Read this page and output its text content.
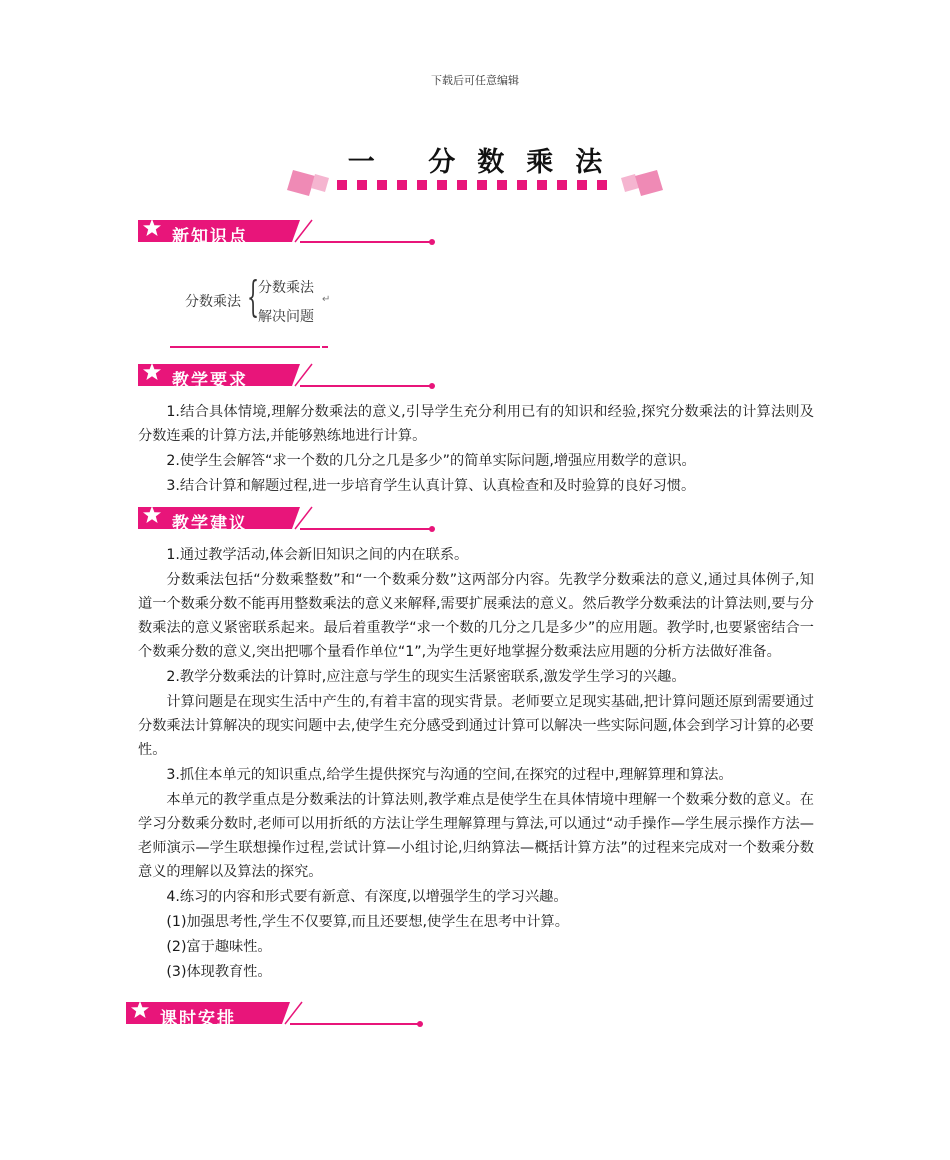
下载后可任意编辑
一 分数乘法
新知识点
分数乘法 {
分数乘法
解决问题
↵
教学要求

1.结合具体情境,理解分数乘法的意义,引导学生充分利用已有的知识和经验,探究分数乘法的计算法则及分数连乘的计算方法,并能够熟练地进行计算。

2.使学生会解答“求一个数的几分之几是多少”的简单实际问题,增强应用数学的意识。

3.结合计算和解题过程,进一步培育学生认真计算、认真检查和及时验算的良好习惯。

教学建议

1.通过教学活动,体会新旧知识之间的内在联系。

分数乘法包括“分数乘整数”和“一个数乘分数”这两部分内容。先教学分数乘法的意义,通过具体例子,知道一个数乘分数不能再用整数乘法的意义来解释,需要扩展乘法的意义。然后教学分数乘法的计算法则,要与分数乘法的意义紧密联系起来。最后着重教学“求一个数的几分之几是多少”的应用题。教学时,也要紧密结合一个数乘分数的意义,突出把哪个量看作单位“1”,为学生更好地掌握分数乘法应用题的分析方法做好准备。

2.教学分数乘法的计算时,应注意与学生的现实生活紧密联系,激发学生学习的兴趣。

计算问题是在现实生活中产生的,有着丰富的现实背景。老师要立足现实基础,把计算问题还原到需要通过分数乘法计算解决的现实问题中去,使学生充分感受到通过计算可以解决一些实际问题,体会到学习计算的必要性。

3.抓住本单元的知识重点,给学生提供探究与沟通的空间,在探究的过程中,理解算理和算法。

本单元的教学重点是分数乘法的计算法则,教学难点是使学生在具体情境中理解一个数乘分数的意义。在学习分数乘分数时,老师可以用折纸的方法让学生理解算理与算法,可以通过“动手操作—学生展示操作方法—老师演示—学生联想操作过程,尝试计算—小组讨论,归纳算法—概括计算方法”的过程来完成对一个数乘分数意义的理解以及算法的探究。

4.练习的内容和形式要有新意、有深度,以增强学生的学习兴趣。

(1)加强思考性,学生不仅要算,而且还要想,使学生在思考中计算。

(2)富于趣味性。

(3)体现教育性。

课时安排
